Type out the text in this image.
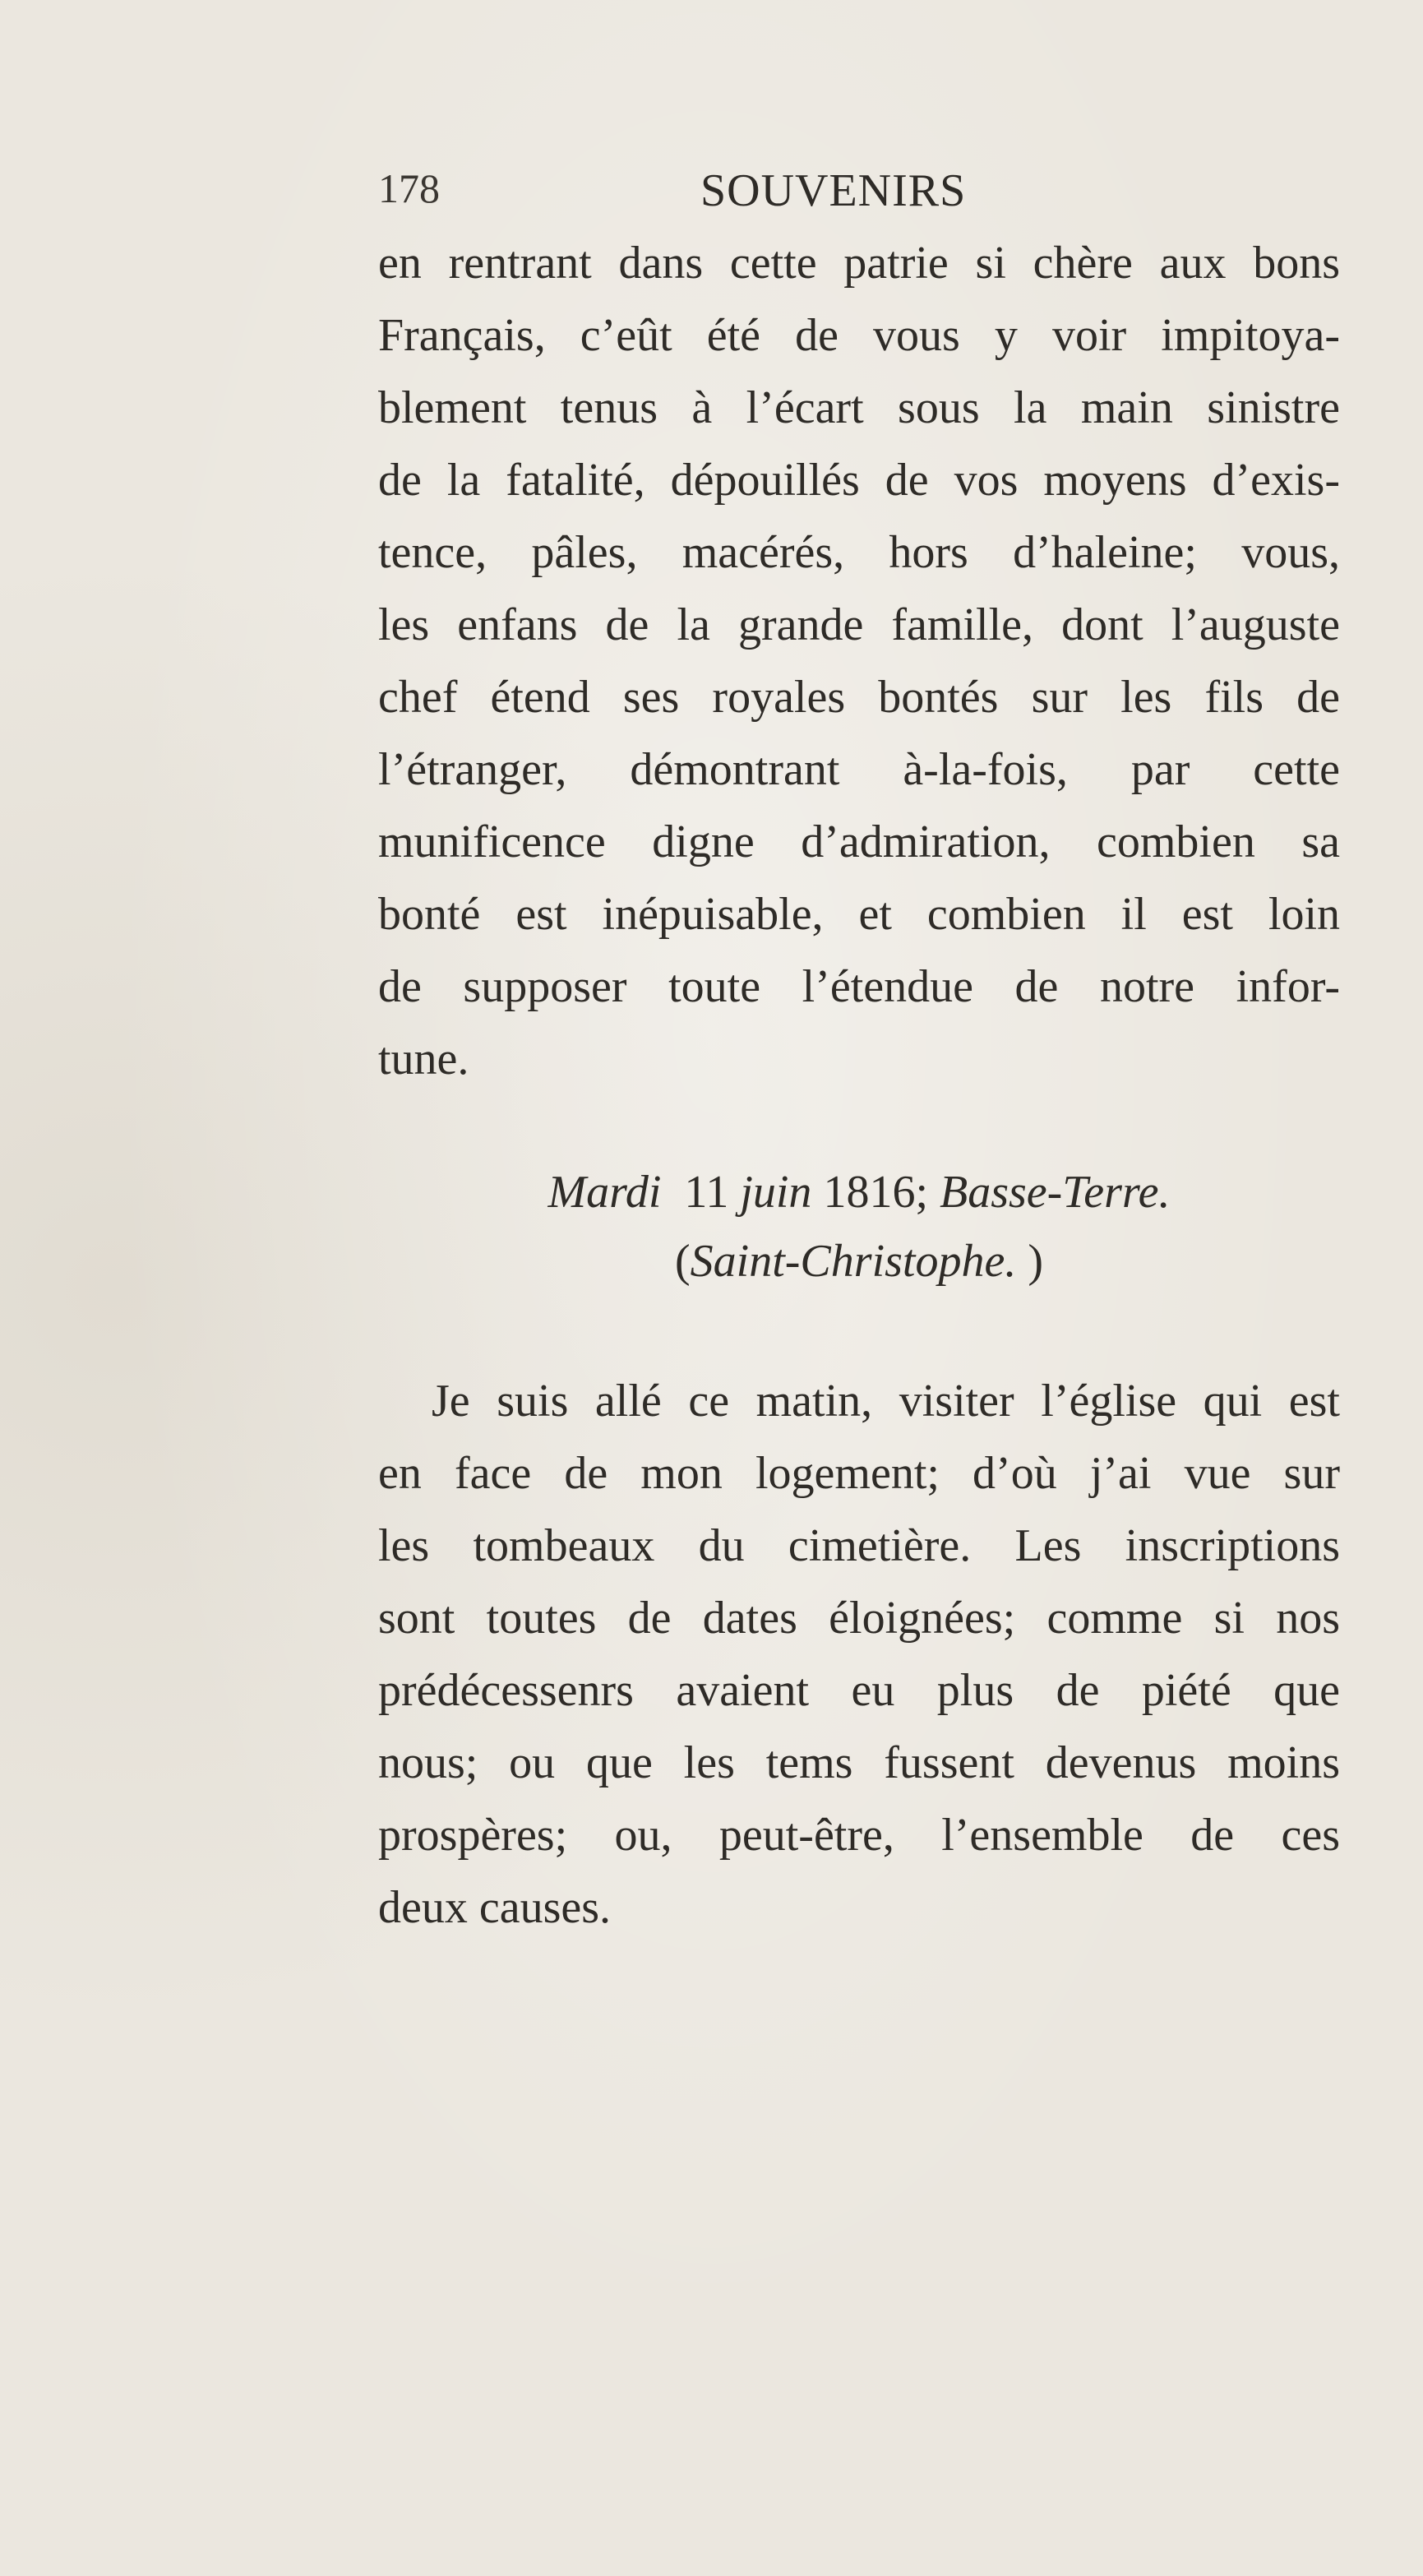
178	SOUVENIRS
en rentrant dans cette patrie si chère aux bons
Français, c’eût été de vous y voir impitoya-
blement tenus à l’écart sous la main sinistre
de la fatalité, dépouillés de vos moyens d’exis-
tence, pâles, macérés, hors d’haleine; vous,
les enfans de la grande famille, dont l’auguste
chef étend ses royales bontés sur les fils de
l’étranger, démontrant à-la-fois, par cette
munificence digne d’admiration, combien sa
bonté est inépuisable, et combien il est loin
de supposer toute l’étendue de notre infor-
tune.
Mardi 11 juin 1816; Basse-Terre.
(Saint-Christophe. )
Je suis allé ce matin, visiter l’église qui est
en face de mon logement; d’où j’ai vue sur
les tombeaux du cimetière. Les inscriptions
sont toutes de dates éloignées; comme si nos
prédécessenrs avaient eu plus de piété que
nous; ou que les tems fussent devenus moins
prospères; ou, peut-être, l’ensemble de ces
deux causes.
